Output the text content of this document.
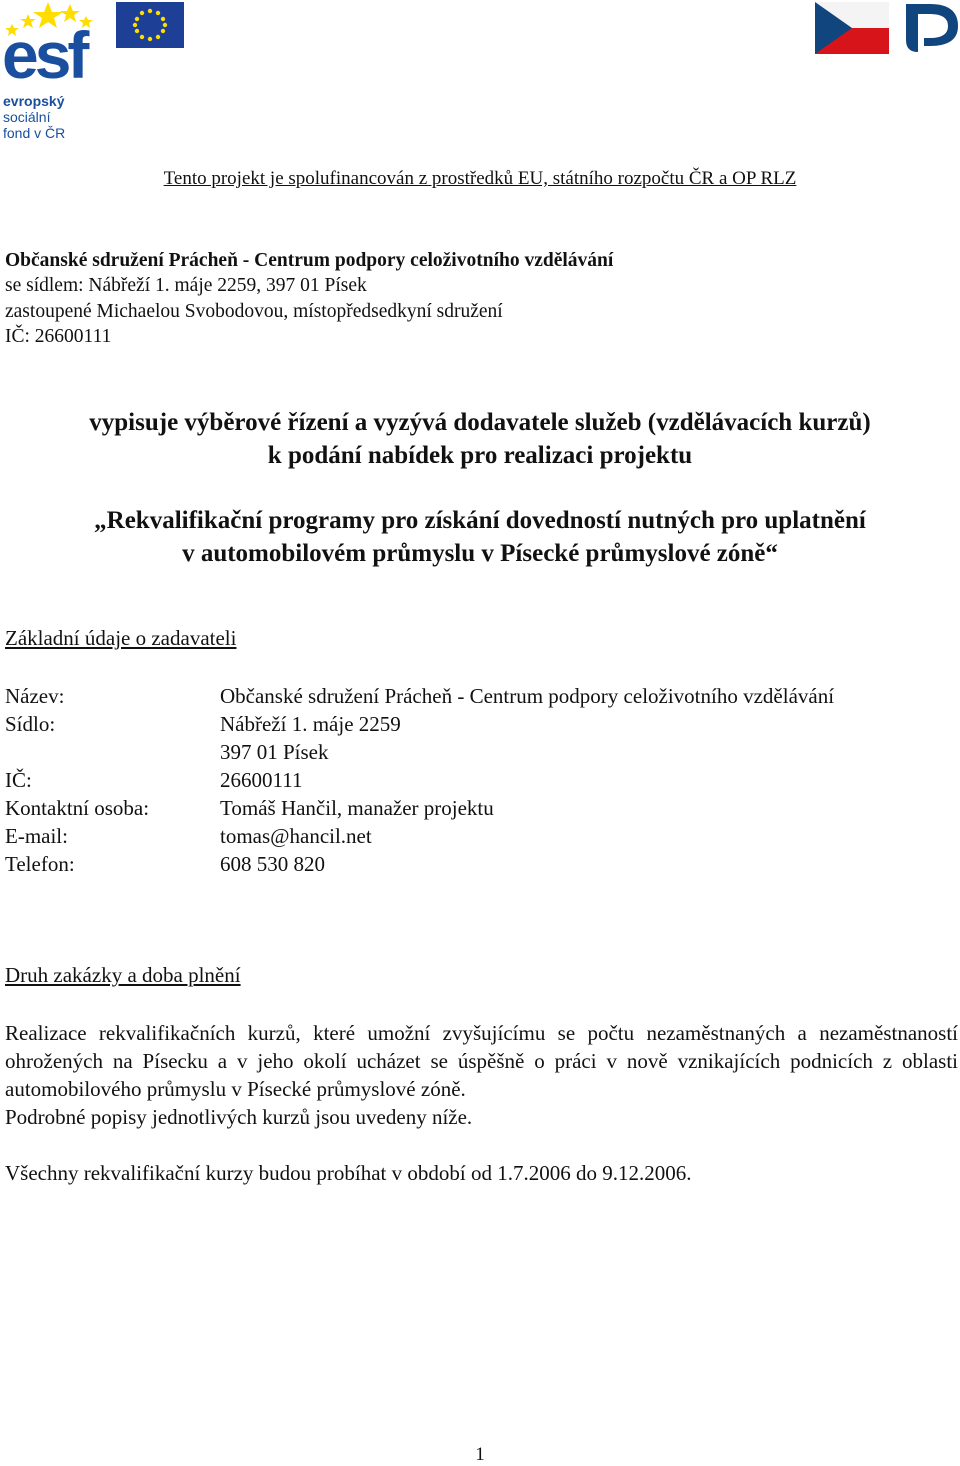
esf
evropský
sociální
fond v ČR
Tento projekt je spolufinancován z prostředků EU, státního rozpočtu ČR a OP RLZ
Občanské sdružení Prácheň - Centrum podpory celoživotního vzdělávání
se sídlem: Nábřeží 1. máje 2259, 397 01 Písek
zastoupené Michaelou Svobodovou, místopředsedkyní sdružení
IČ: 26600111
vypisuje výběrové řízení a vyzývá dodavatele služeb (vzdělávacích kurzů)
k podání nabídek pro realizaci projektu
„Rekvalifikační programy pro získání dovedností nutných pro uplatnění
v automobilovém průmyslu v Písecké průmyslové zóně“
Základní údaje o zadavateli
Název:	Občanské sdružení Prácheň - Centrum podpory celoživotního vzdělávání
Sídlo:	Nábřeží 1. máje 2259
397 01 Písek
IČ:	26600111
Kontaktní osoba:	Tomáš Hančil, manažer projektu
E-mail:	tomas@hancil.net
Telefon:	608 530 820
Druh zakázky a doba plnění
Realizace rekvalifikačních kurzů, které umožní zvyšujícímu se počtu nezaměstnaných a nezaměstnaností ohrožených na Písecku a v jeho okolí ucházet se úspěšně o práci v nově vznikajících podnicích z oblasti automobilového průmyslu v Písecké průmyslové zóně.
Podrobné popisy jednotlivých kurzů jsou uvedeny níže.
Všechny rekvalifikační kurzy budou probíhat v období od 1.7.2006 do 9.12.2006.
1
